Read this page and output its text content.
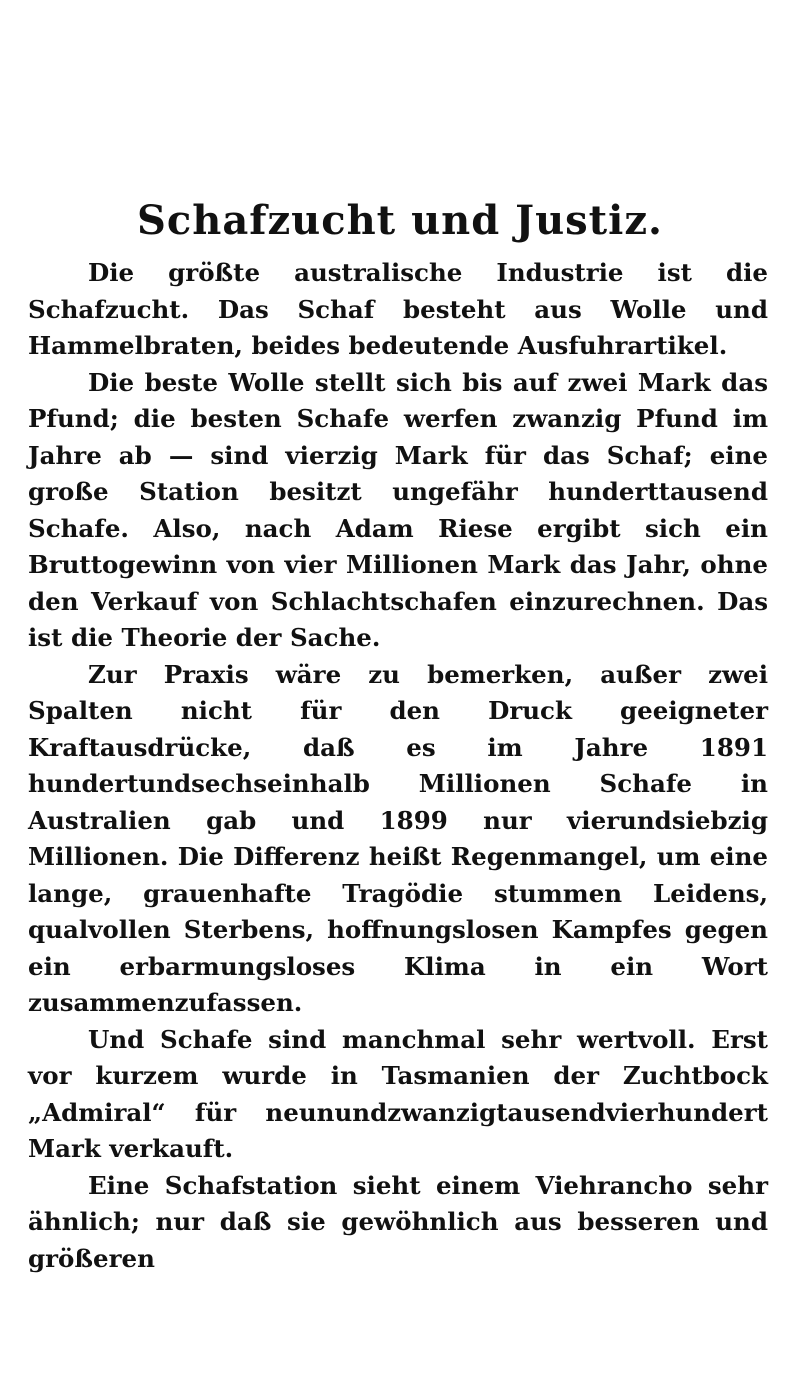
Schafzucht und Justiz.

Die größte australische Industrie ist die Schafzucht. Das Schaf besteht aus Wolle und Hammelbraten, beides bedeutende Ausfuhrartikel.

Die beste Wolle stellt sich bis auf zwei Mark das Pfund; die besten Schafe werfen zwanzig Pfund im Jahre ab — sind vierzig Mark für das Schaf; eine große Station besitzt ungefähr hunderttausend Schafe. Also, nach Adam Riese ergibt sich ein Bruttogewinn von vier Millionen Mark das Jahr, ohne den Verkauf von Schlachtschafen einzurechnen. Das ist die Theorie der Sache.

Zur Praxis wäre zu bemerken, außer zwei Spalten nicht für den Druck geeigneter Kraftausdrücke, daß es im Jahre 1891 hundertundsechseinhalb Millionen Schafe in Australien gab und 1899 nur vierundsiebzig Millionen. Die Differenz heißt Regenmangel, um eine lange, grauenhafte Tragödie stummen Leidens, qualvollen Sterbens, hoffnungslosen Kampfes gegen ein erbarmungsloses Klima in ein Wort zusammenzufassen.

Und Schafe sind manchmal sehr wertvoll. Erst vor kurzem wurde in Tasmanien der Zuchtbock „Admiral“ für neunundzwanzigtausendvierhundert Mark verkauft.

Eine Schafstation sieht einem Viehrancho sehr ähnlich; nur daß sie gewöhnlich aus besseren und größeren
